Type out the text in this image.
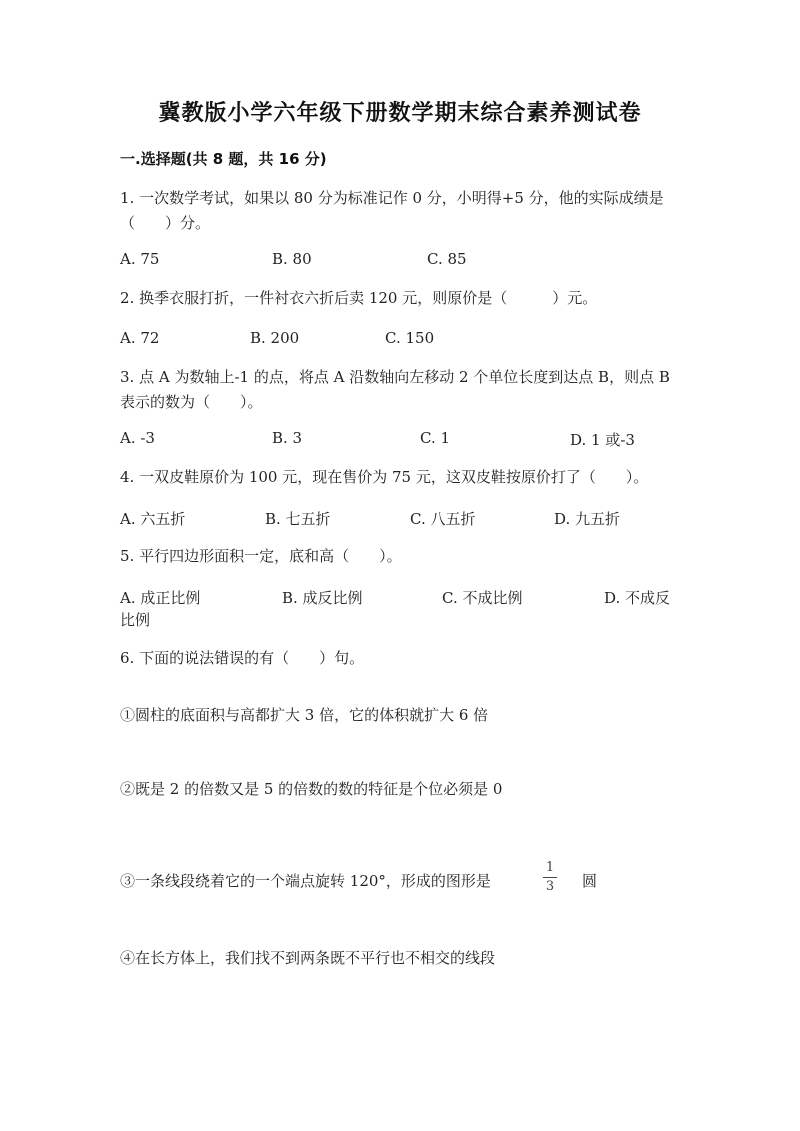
冀教版小学六年级下册数学期末综合素养测试卷
一.选择题(共 8 题，共 16 分)
1. 一次数学考试，如果以 80 分为标准记作 0 分，小明得+5 分，他的实际成绩是（　　）分。
A. 75	B. 80	C. 85
2. 换季衣服打折，一件衬衣六折后卖 120 元，则原价是（　　　）元。
A. 72	B. 200	C. 150
3. 点 A 为数轴上-1 的点，将点 A 沿数轴向左移动 2 个单位长度到达点 B，则点 B 表示的数为（　　）。
A. -3	B. 3	C. 1	D. 1 或-3
4. 一双皮鞋原价为 100 元，现在售价为 75 元，这双皮鞋按原价打了（　　）。
A. 六五折	B. 七五折	C. 八五折	D. 九五折
5. 平行四边形面积一定，底和高（　　）。
A. 成正比例	B. 成反比例	C. 不成比例	D. 不成反
比例
6. 下面的说法错误的有（　　）句。
①圆柱的底面积与高都扩大 3 倍，它的体积就扩大 6 倍
②既是 2 的倍数又是 5 的倍数的数的特征是个位必须是 0
③一条线段绕着它的一个端点旋转 120°，形成的图形是
1
3	圆
④在长方体上，我们找不到两条既不平行也不相交的线段
